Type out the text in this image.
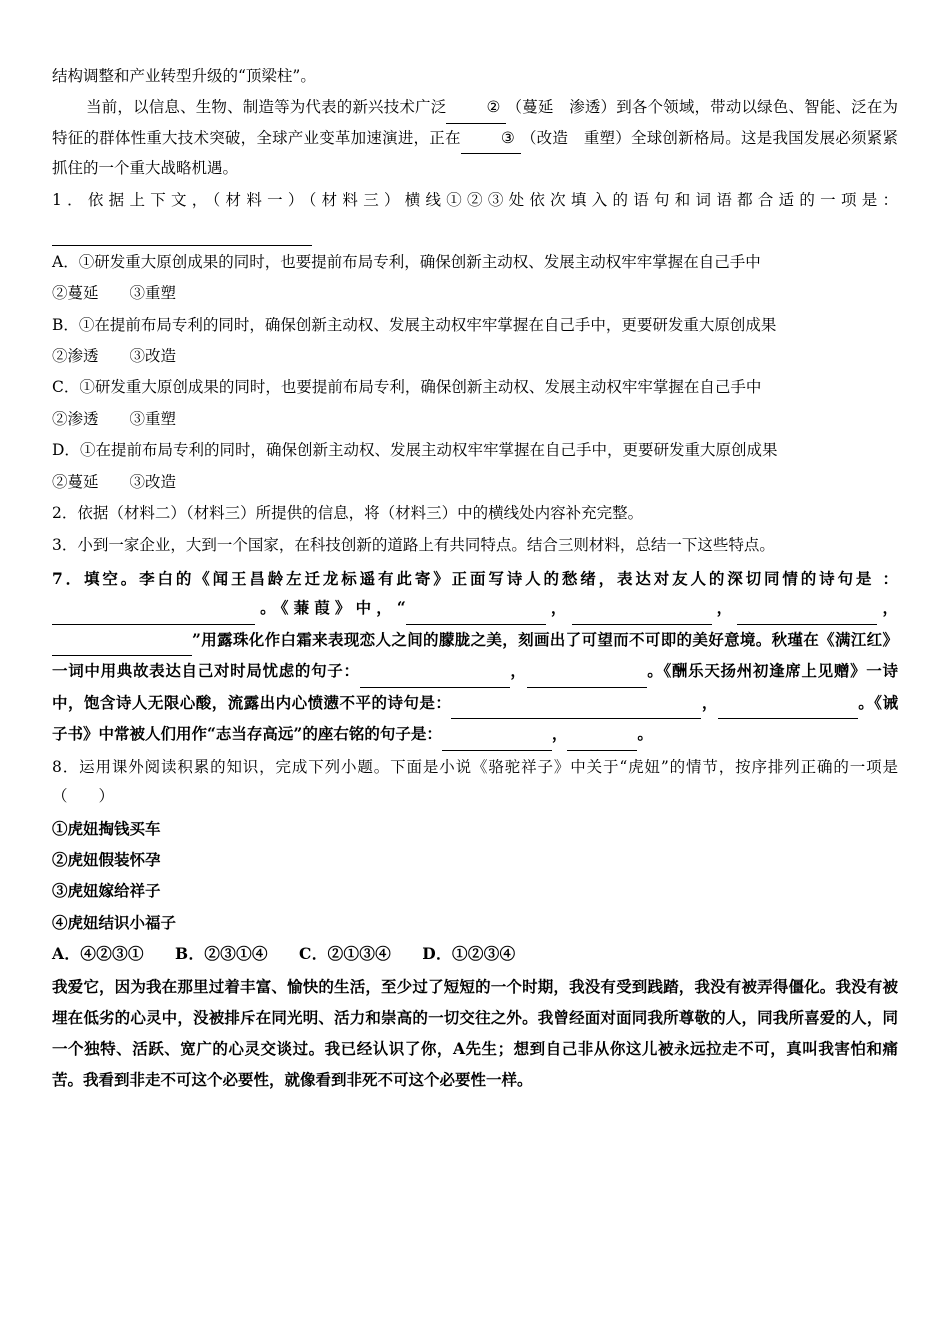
结构调整和产业转型升级的“顶梁柱”。

当前，以信息、生物、制造等为代表的新兴技术广泛	② （蔓延　渗透）到各个领域，带动以绿色、智能、泛在为特征的群体性重大技术突破，全球产业变革加速演进，正在	③ （改造　重塑）全球创新格局。这是我国发展必须紧紧抓住的一个重大战略机遇。

1．依据上下文，（材料一）（材料三）横线①②③处依次填入的语句和词语都合适的一项是：

A．①研发重大原创成果的同时，也要提前布局专利，确保创新主动权、发展主动权牢牢掌握在自己手中

②蔓延　　③重塑

B．①在提前布局专利的同时，确保创新主动权、发展主动权牢牢掌握在自己手中，更要研发重大原创成果

②渗透　　③改造

C．①研发重大原创成果的同时，也要提前布局专利，确保创新主动权、发展主动权牢牢掌握在自己手中

②渗透　　③重塑

D．①在提前布局专利的同时，确保创新主动权、发展主动权牢牢掌握在自己手中，更要研发重大原创成果

②蔓延　　③改造

2．依据（材料二）（材料三）所提供的信息，将（材料三）中的横线处内容补充完整。

3．小到一家企业，大到一个国家，在科技创新的道路上有共同特点。结合三则材料，总结一下这些特点。

7．填空。李白的《闻王昌龄左迁龙标遥有此寄》正面写诗人的愁绪，表达对友人的深切同情的诗句是 ：  。《蒹葭》中，“	，	，	， ”用露珠化作白霜来表现恋人之间的朦胧之美，刻画出了可望而不可即的美好意境。秋瑾在《满江红》一词中用典故表达自己对时局忧虑的句子：	，	。《酬乐天扬州初逢席上见赠》一诗中，饱含诗人无限心酸，流露出内心愤懑不平的诗句是：	，	。《诫子书》中常被人们用作“志当存高远”的座右铭的句子是：	，	。

8．运用课外阅读积累的知识，完成下列小题。下面是小说《骆驼祥子》中关于“虎妞”的情节，按序排列正确的一项是（　　）

①虎妞掏钱买车

②虎妞假装怀孕

③虎妞嫁给祥子

④虎妞结识小福子

A．④②③① B．②③①④ C．②①③④ D．①②③④

我爱它，因为我在那里过着丰富、愉快的生活，至少过了短短的一个时期，我没有受到践踏，我没有被弄得僵化。我没有被埋在低劣的心灵中，没被排斥在同光明、活力和崇高的一切交往之外。我曾经面对面同我所尊敬的人，同我所喜爱的人，同一个独特、活跃、宽广的心灵交谈过。我已经认识了你，A先生；想到自己非从你这儿被永远拉走不可，真叫我害怕和痛苦。我看到非走不可这个必要性，就像看到非死不可这个必要性一样。
